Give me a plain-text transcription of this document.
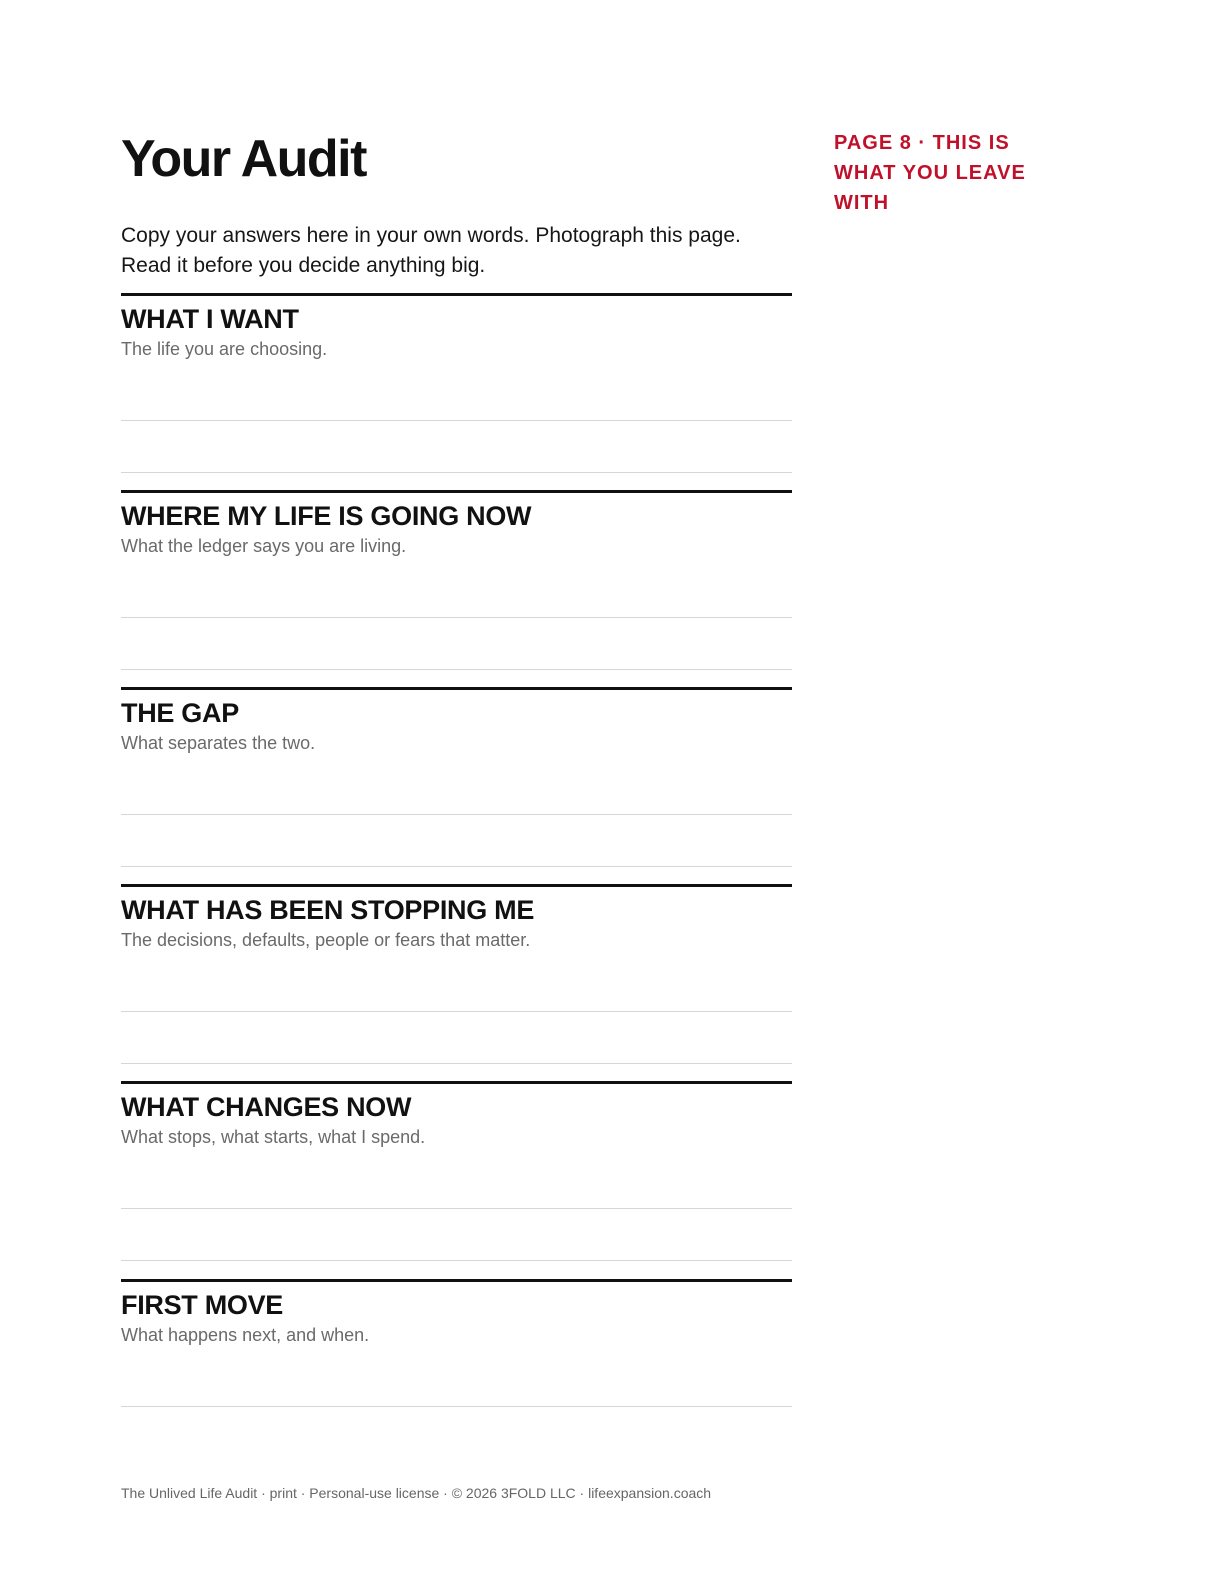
Your Audit	PAGE 8 · THIS IS WHAT YOU LEAVE WITH

Copy your answers here in your own words. Photograph this page.
Read it before you decide anything big.

WHAT I WANT

The life you are choosing.

WHERE MY LIFE IS GOING NOW

What the ledger says you are living.

THE GAP

What separates the two.

WHAT HAS BEEN STOPPING ME

The decisions, defaults, people or fears that matter.

WHAT CHANGES NOW

What stops, what starts, what I spend.

FIRST MOVE

What happens next, and when.

The Unlived Life Audit · print · Personal-use license · © 2026 3FOLD LLC · lifeexpansion.coach
